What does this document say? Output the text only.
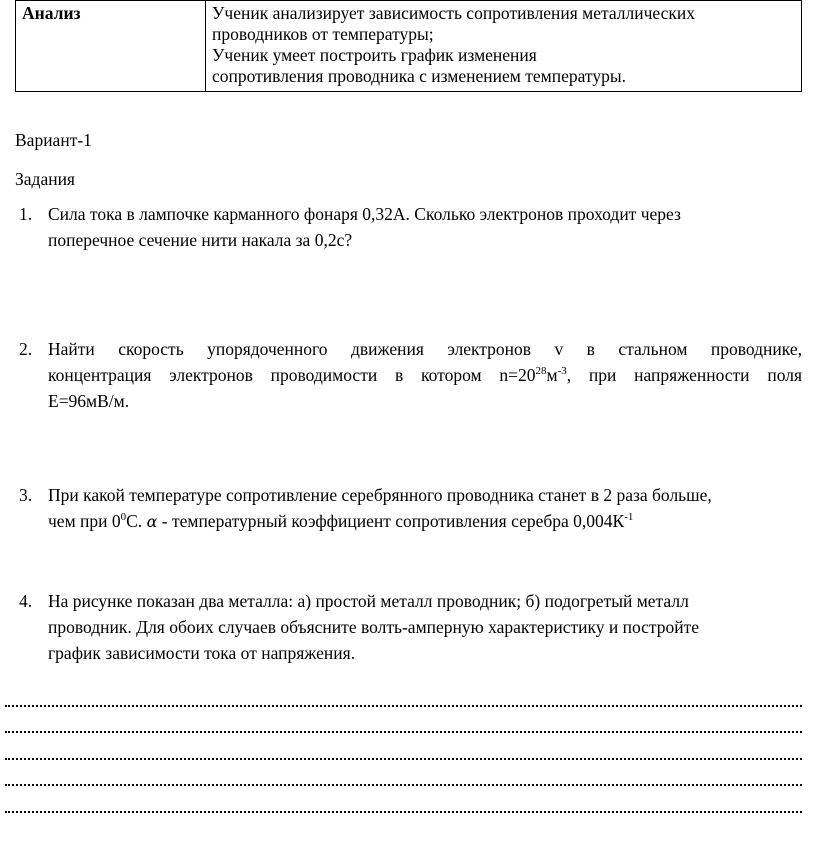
Анализ	Ученик анализирует зависимость сопротивления металлических
проводников от температуры;
Ученик умеет построить график изменения
сопротивления проводника с изменением температуры.
Вариант-1
Задания
1. Сила тока в лампочке карманного фонаря 0,32А. Сколько электронов проходит через
поперечное сечение нити накала за 0,2с?
2. Найти скорость упорядоченного движения электронов v в стальном проводнике,
концентрация электронов проводимости в котором $n=20^{28}м^{-3}$, при напряженности поля
E=96мВ/м.
3. При какой температуре сопротивление серебрянного проводника станет в 2 раза больше,
чем при $0^0С$. α - температурный коэффициент сопротивления серебра $0,004К^{-1}$
4. На рисунке показан два металла: а) простой металл проводник; б) подогретый металл
проводник. Для обоих случаев объясните волть-амперную характеристику и постройте
график зависимости тока от напряжения.
